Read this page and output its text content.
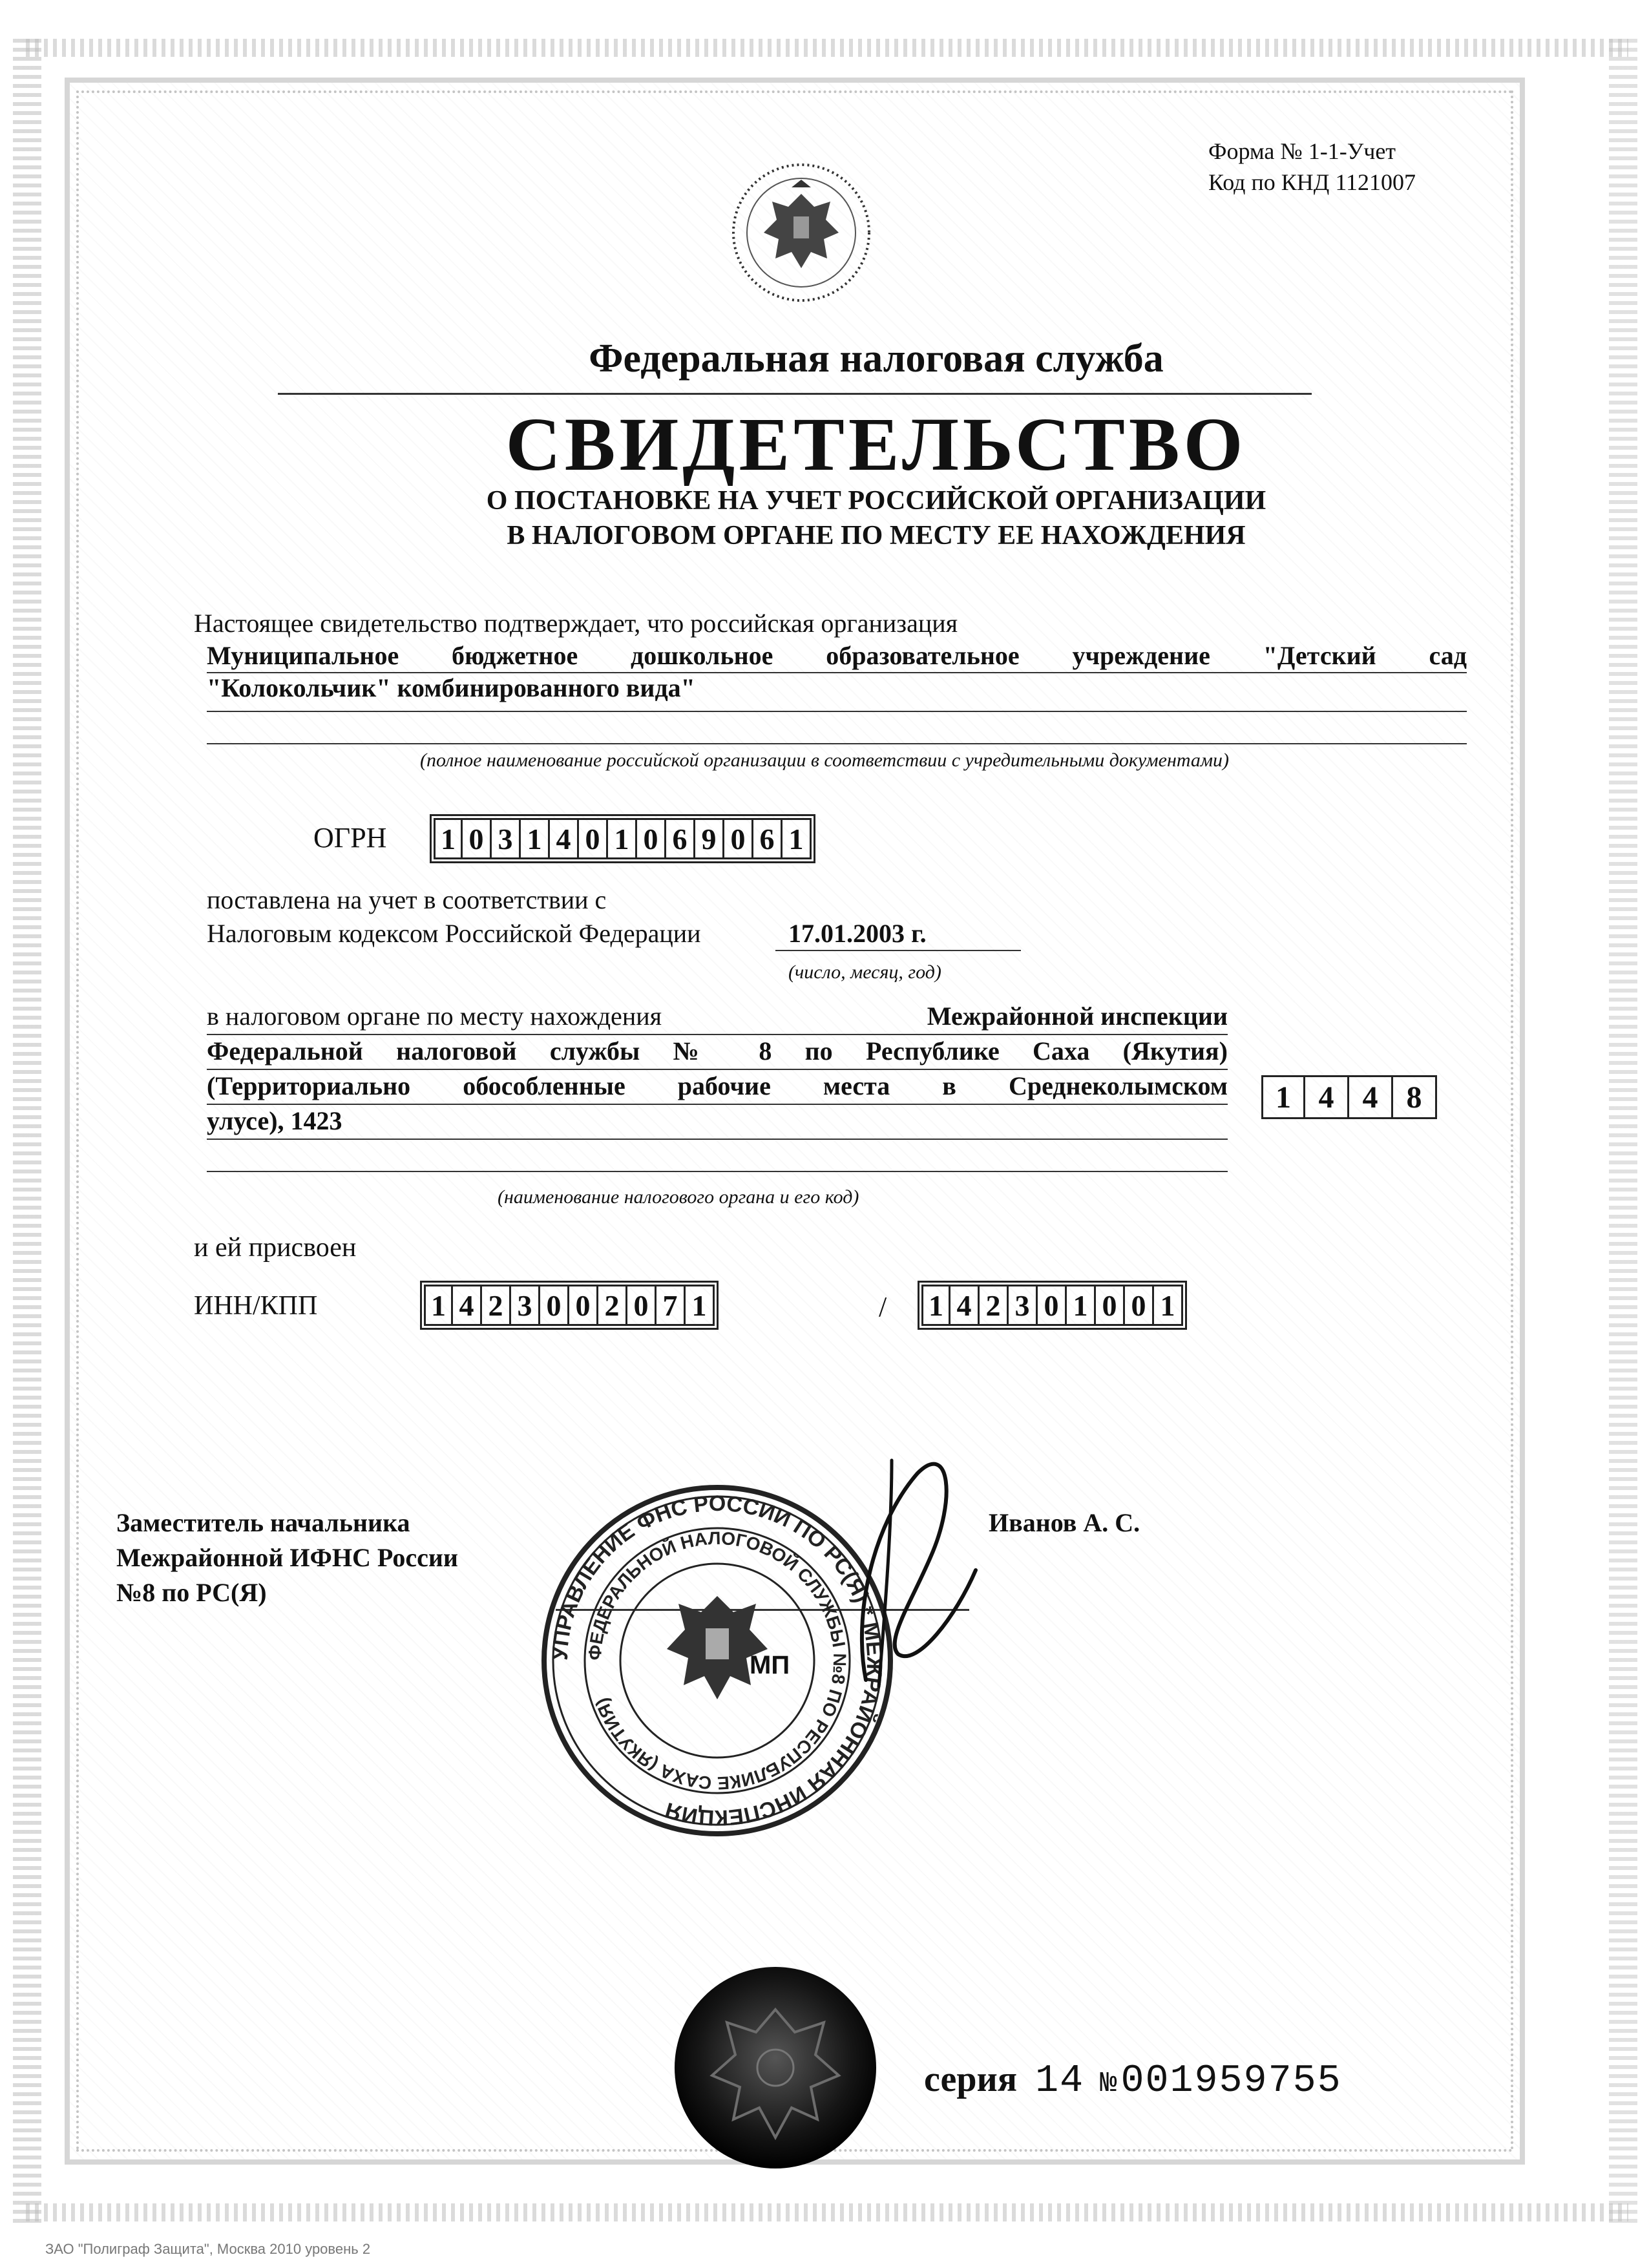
Форма № 1-1-Учет
Код по КНД 1121007
Федеральная налоговая служба
СВИДЕТЕЛЬСТВО
О ПОСТАНОВКЕ НА УЧЕТ РОССИЙСКОЙ ОРГАНИЗАЦИИ
В НАЛОГОВОМ ОРГАНЕ ПО МЕСТУ ЕЕ НАХОЖДЕНИЯ
Настоящее свидетельство подтверждает, что российская организация
Муниципальное бюджетное дошкольное образовательное учреждение "Детский сад
"Колокольчик" комбинированного вида"
(полное наименование российской организации в соответствии с учредительными документами)
ОГРН 1 0 3 1 4 0 1 0 6 9 0 6 1
поставлена на учет в соответствии с
Налоговым кодексом Российской Федерации	17.01.2003 г.
(число, месяц, год)
в налоговом органе по месту нахождения	Межрайонной инспекции
Федеральной налоговой службы № 8 по Республике Саха (Якутия)
(Территориально обособленные рабочие места в Среднеколымском
улусе), 1423
1 4 4 8
(наименование налогового органа и его код)
и ей присвоен
ИНН/КПП	1 4 2 3 0 0 2 0 7 1	/ 1 4 2 3 0 1 0 0 1
Заместитель начальника
Межрайонной ИФНС России
№8 по РС(Я)
Иванов А. С.
УПРАВЛЕНИЕ ФНС РОССИИ ПО РС(Я) * МЕЖРАЙОННАЯ ИНСПЕКЦИЯ
ФЕДЕРАЛЬНОЙ НАЛОГОВОЙ СЛУЖБЫ №8 ПО РЕСПУБЛИКЕ САХА (ЯКУТИЯ)
МП
серия 14 № 001959755
ЗАО "Полиграф Защита", Москва 2010 уровень 2
